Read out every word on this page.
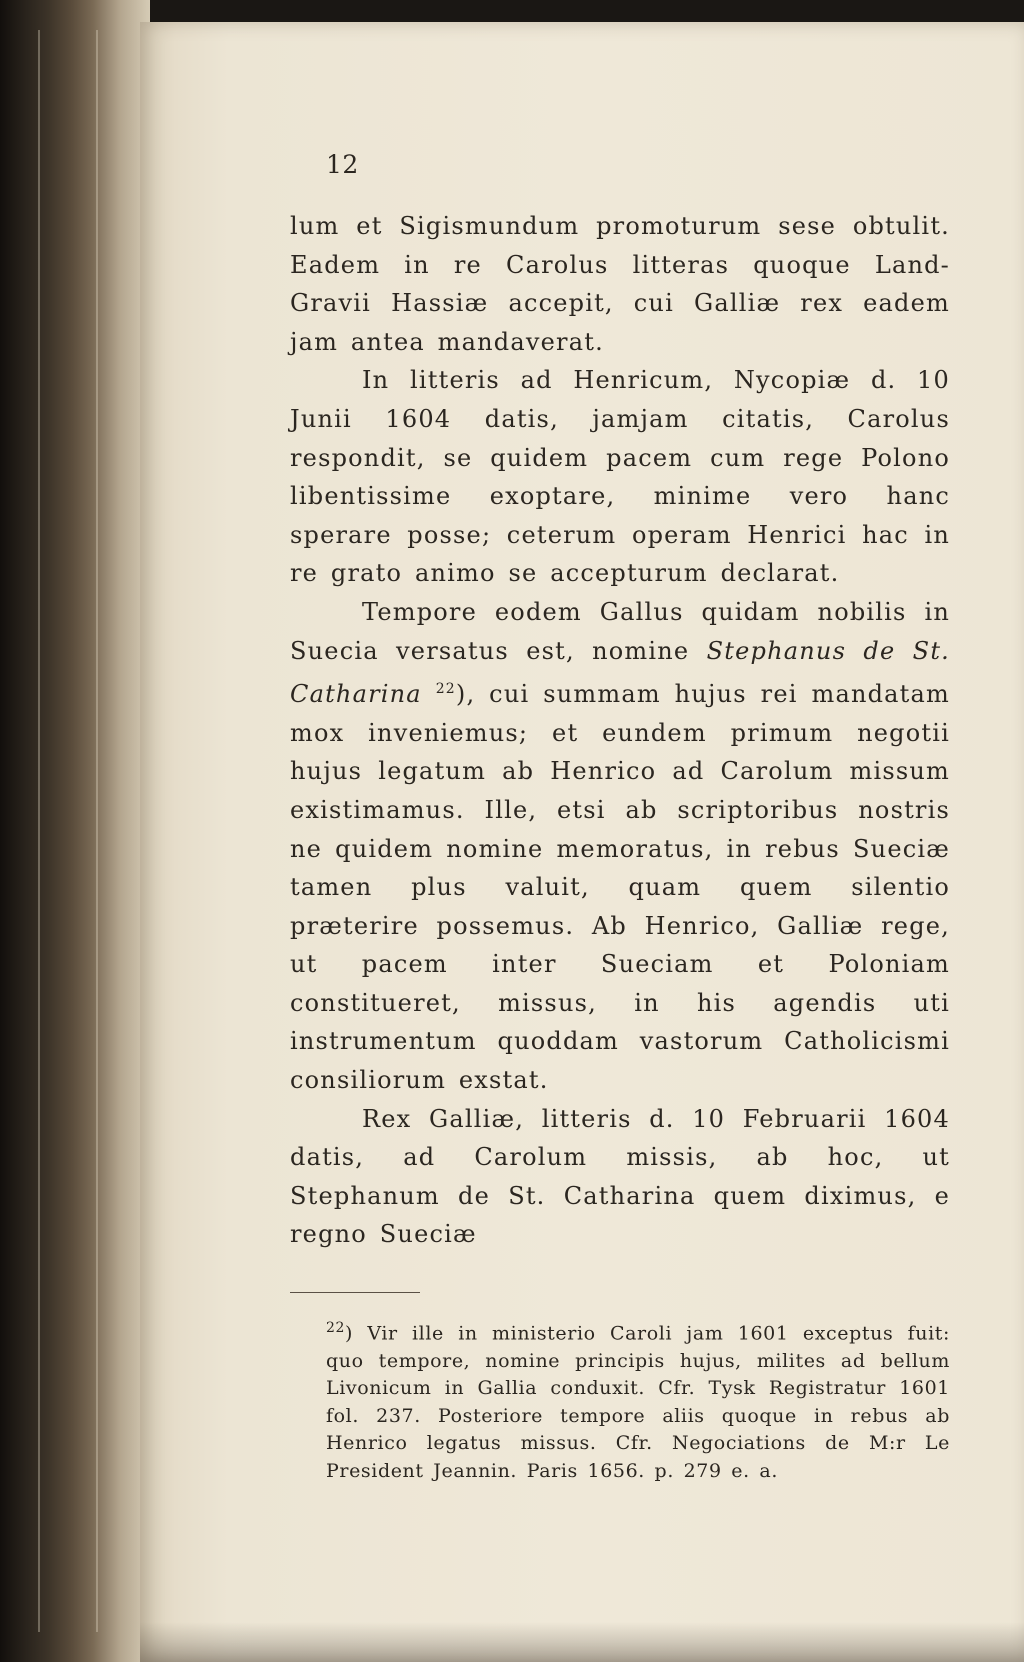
12

lum et Sigismundum promoturum sese obtulit. Eadem in re Carolus litteras quoque Land-Gravii Hassiæ accepit, cui Galliæ rex eadem jam antea mandaverat.

In litteris ad Henricum, Nycopiæ d. 10 Junii 1604 datis, jamjam citatis, Carolus respondit, se quidem pacem cum rege Polono libentissime exoptare, minime vero hanc sperare posse; ceterum operam Henrici hac in re grato animo se accepturum declarat.

Tempore eodem Gallus quidam nobilis in Suecia versatus est, nomine Stephanus de St. Catharina $^{22}$), cui summam hujus rei mandatam mox inveniemus; et eundem primum negotii hujus legatum ab Henrico ad Carolum missum existimamus. Ille, etsi ab scriptoribus nostris ne quidem nomine memoratus, in rebus Sueciæ tamen plus valuit, quam quem silentio præterire possemus. Ab Henrico, Galliæ rege, ut pacem inter Sueciam et Poloniam constitueret, missus, in his agendis uti instrumentum quoddam vastorum Catholicismi consiliorum exstat.

Rex Galliæ, litteris d. 10 Februarii 1604 datis, ad Carolum missis, ab hoc, ut Stephanum de St. Catharina quem diximus, e regno Sueciæ

$^{22}$) Vir ille in ministerio Caroli jam 1601 exceptus fuit: quo tempore, nomine principis hujus, milites ad bellum Livonicum in Gallia conduxit. Cfr. Tysk Registratur 1601 fol. 237. Posteriore tempore aliis quoque in rebus ab Henrico legatus missus. Cfr. Negociations de M:r Le President Jeannin. Paris 1656. p. 279 e. a.
